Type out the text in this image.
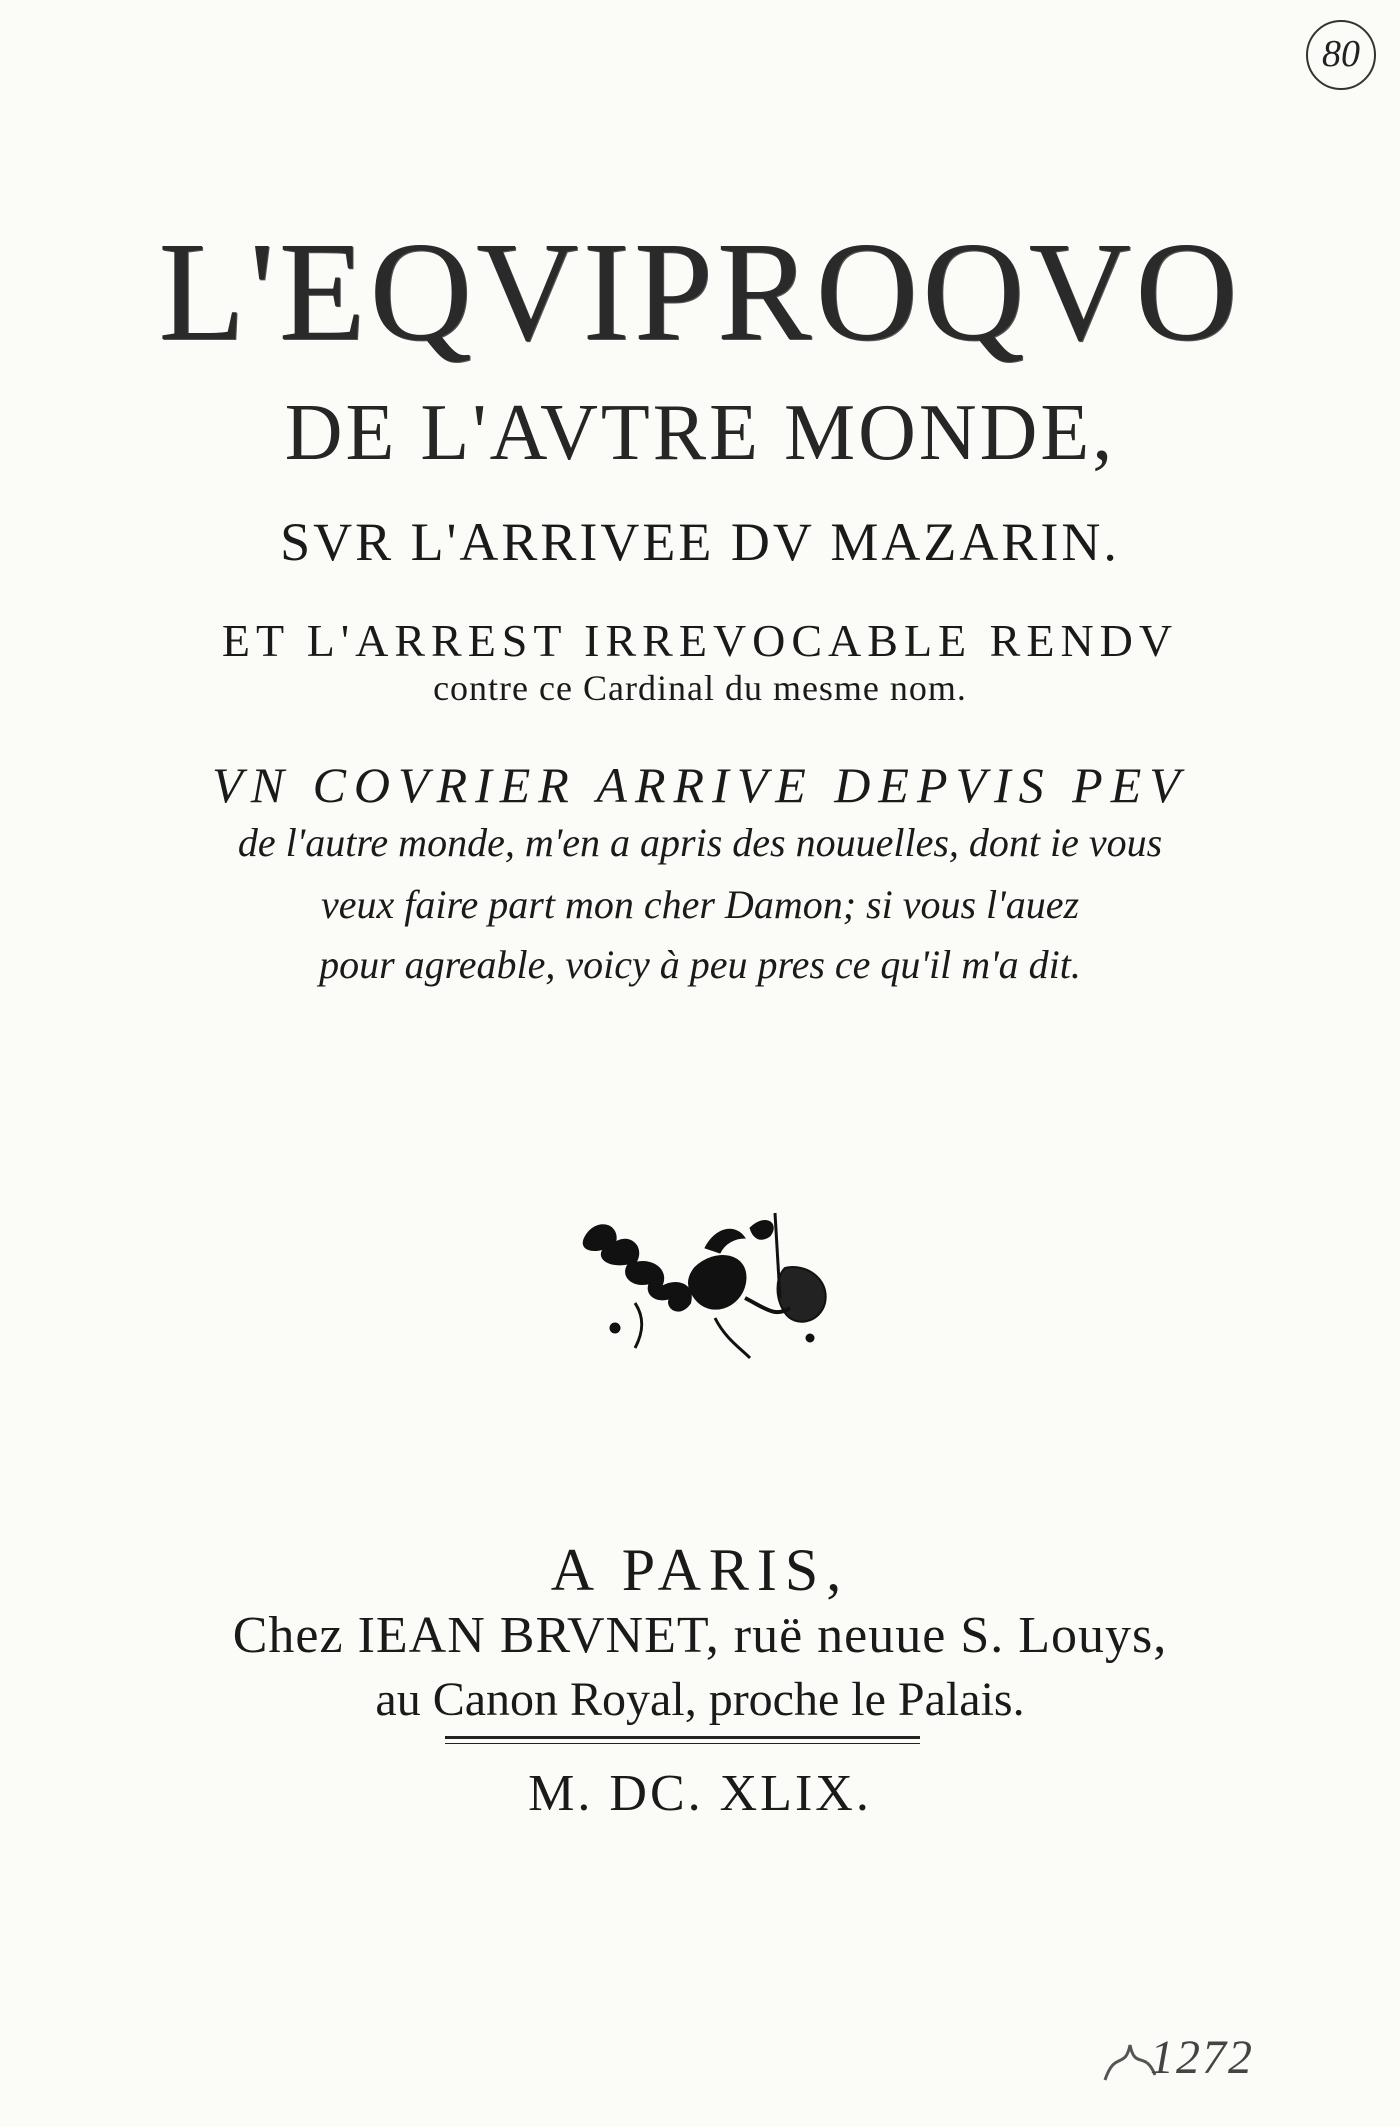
80
L'EQVIPROQVO
DE L'AVTRE MONDE,
SVR L'ARRIVEE DV MAZARIN.
ET L'ARREST IRREVOCABLE RENDV
contre ce Cardinal du mesme nom.
VN COVRIER ARRIVE DEPVIS PEV
de l'autre monde, m'en a apris des nouuelles, dont ie vous
veux faire part mon cher Damon; si vous l'auez
pour agreable, voicy à peu pres ce qu'il m'a dit.
A PARIS,
Chez IEAN BRVNET, ruë neuue S. Louys,
au Canon Royal, proche le Palais.
M. DC. XLIX.
1272
